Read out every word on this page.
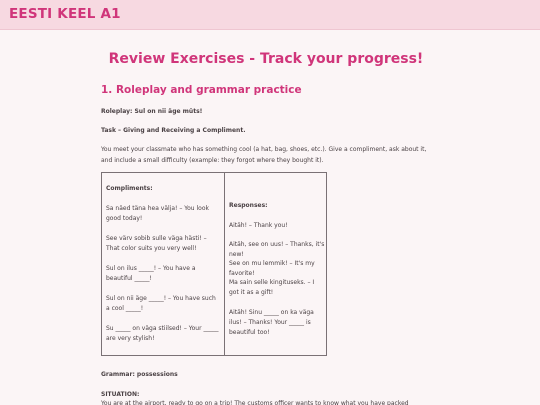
EESTI KEEL A1
Review Exercises - Track your progress!
1. Roleplay and grammar practice
Roleplay: Sul on nii äge müts!
Task – Giving and Receiving a Compliment.
You meet your classmate who has something cool (a hat, bag, shoes, etc.). Give a compliment, ask about it, and include a small difficulty (example: they forgot where they bought it).
Compliments:
Sa näed täna hea välja! – You look good today!
See värv sobib sulle väga hästi! – That color suits you very well!
Sul on ilus _____! – You have a beautiful _____!
Sul on nii äge _____! – You have such a cool _____!
Su _____ on väga stiilsed! – Your _____ are very stylish!
Responses:
Aitäh! – Thank you!
Aitäh, see on uus! – Thanks, it's new!
See on mu lemmik! – It's my favorite!
Ma sain selle kingituseks. – I got it as a gift!
Aitäh! Sinu _____ on ka väga ilus! – Thanks! Your _____ is beautiful too!
Grammar: possessions
SITUATION:
You are at the airport, ready to go on a trip! The customs officer wants to know what you have packed
